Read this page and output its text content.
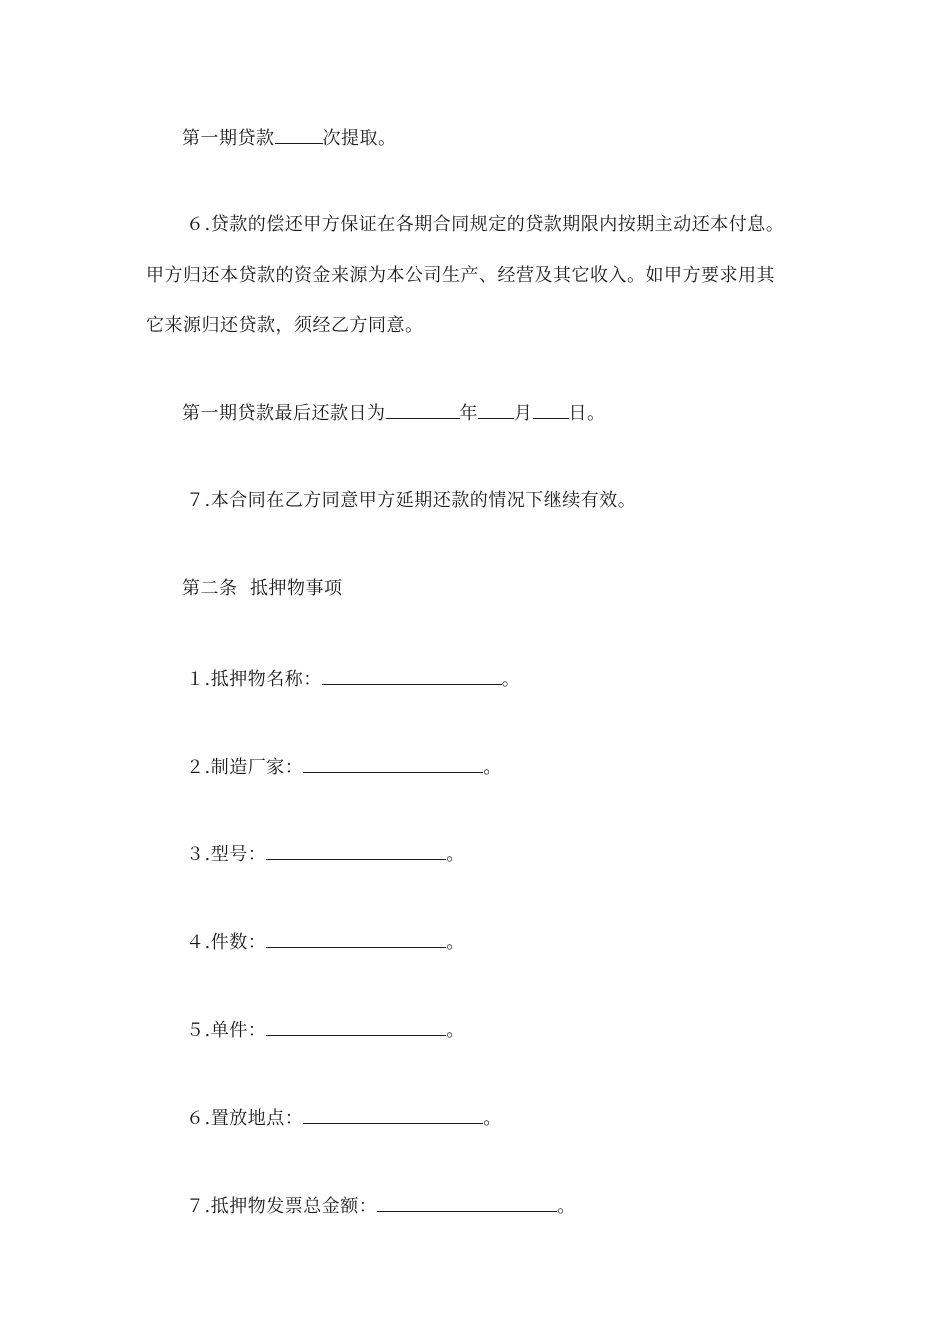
第一期贷款	次提取。
６.贷款的偿还甲方保证在各期合同规定的贷款期限内按期主动还本付息。
甲方归还本贷款的资金来源为本公司生产、经营及其它收入。如甲方要求用其
它来源归还贷款，须经乙方同意。
第一期贷款最后还款日为	年 月 日。
７.本合同在乙方同意甲方延期还款的情况下继续有效。
第二条  抵押物事项
１.抵押物名称：	。
２.制造厂家：	。
３.型号：	。
４.件数：	。
５.单件：	。
６.置放地点：	。
７.抵押物发票总金额：	。
